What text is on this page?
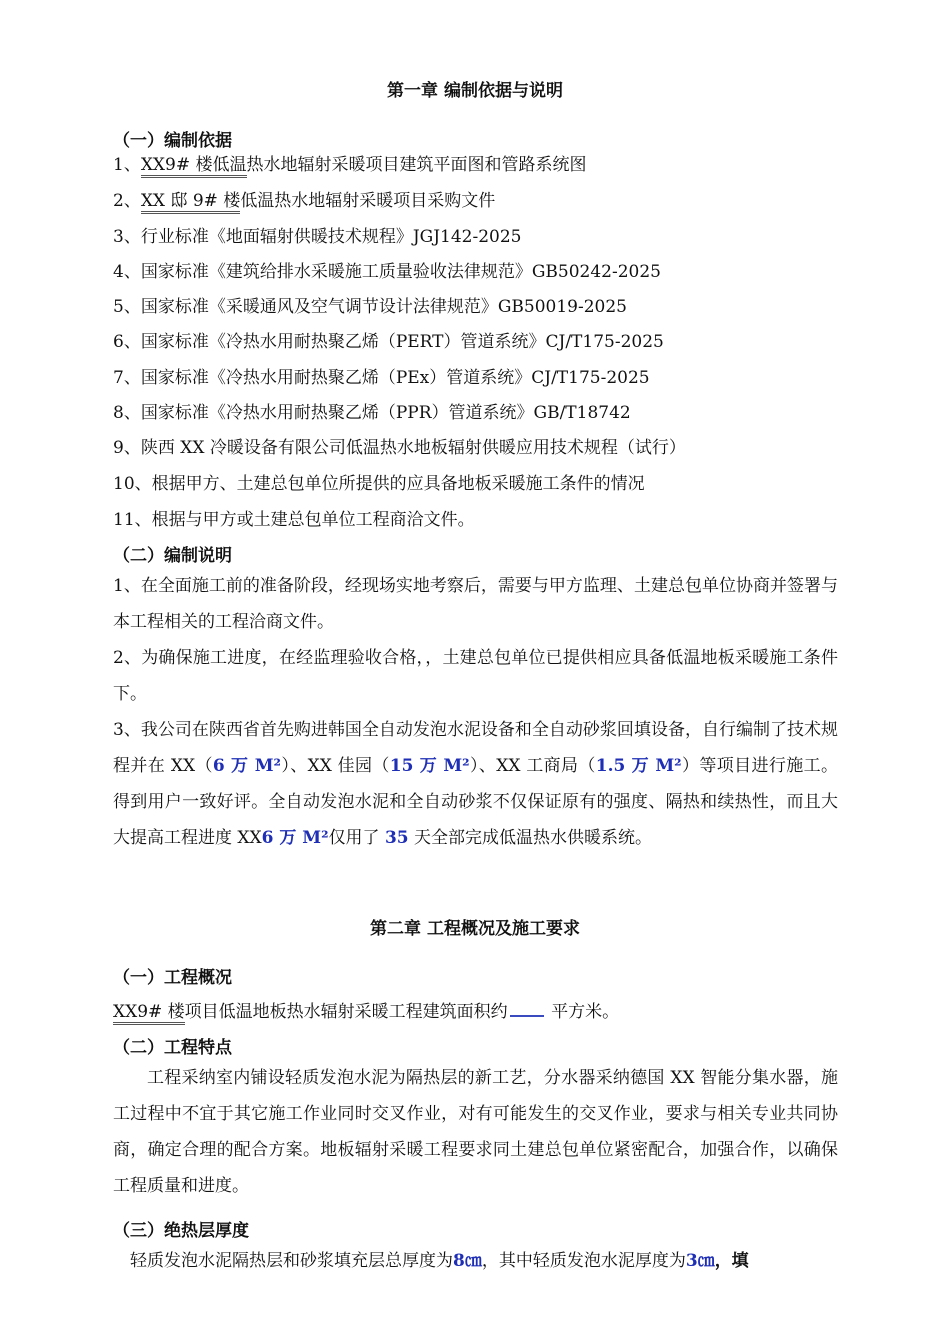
第一章 编制依据与说明
（一）编制依据
1、XX9# 楼低温热水地辐射采暖项目建筑平面图和管路系统图
2、XX 邸 9# 楼低温热水地辐射采暖项目采购文件
3、行业标准《地面辐射供暖技术规程》JGJ142-2025
4、国家标准《建筑给排水采暖施工质量验收法律规范》GB50242-2025
5、国家标准《采暖通风及空气调节设计法律规范》GB50019-2025
6、国家标准《冷热水用耐热聚乙烯（PERT）管道系统》CJ/T175-2025
7、国家标准《冷热水用耐热聚乙烯（PEx）管道系统》CJ/T175-2025
8、国家标准《冷热水用耐热聚乙烯（PPR）管道系统》GB/T18742
9、陕西 XX 冷暖设备有限公司低温热水地板辐射供暖应用技术规程（试行）
10、根据甲方、土建总包单位所提供的应具备地板采暖施工条件的情况
11、根据与甲方或土建总包单位工程商洽文件。
（二）编制说明
1、在全面施工前的准备阶段，经现场实地考察后，需要与甲方监理、土建总包单位协商并签署与本工程相关的工程洽商文件。
2、为确保施工进度，在经监理验收合格，，土建总包单位已提供相应具备低温地板采暖施工条件下。
3、我公司在陕西省首先购进韩国全自动发泡水泥设备和全自动砂浆回填设备，自行编制了技术规程并在 XX（6 万 M²）、XX 佳园（15 万 M²）、XX 工商局（1.5 万 M²）等项目进行施工。得到用户一致好评。全自动发泡水泥和全自动砂浆不仅保证原有的强度、隔热和续热性，而且大大提高工程进度 XX6 万 M²仅用了 35 天全部完成低温热水供暖系统。
第二章 工程概况及施工要求
（一）工程概况
XX9# 楼项目低温地板热水辐射采暖工程建筑面积约 平方米。
（二）工程特点
工程采纳室内铺设轻质发泡水泥为隔热层的新工艺，分水器采纳德国 XX 智能分集水器，施工过程中不宜于其它施工作业同时交叉作业，对有可能发生的交叉作业，要求与相关专业共同协商，确定合理的配合方案。地板辐射采暖工程要求同土建总包单位紧密配合，加强合作，以确保工程质量和进度。
（三）绝热层厚度
轻质发泡水泥隔热层和砂浆填充层总厚度为8㎝，其中轻质发泡水泥厚度为3㎝，填
